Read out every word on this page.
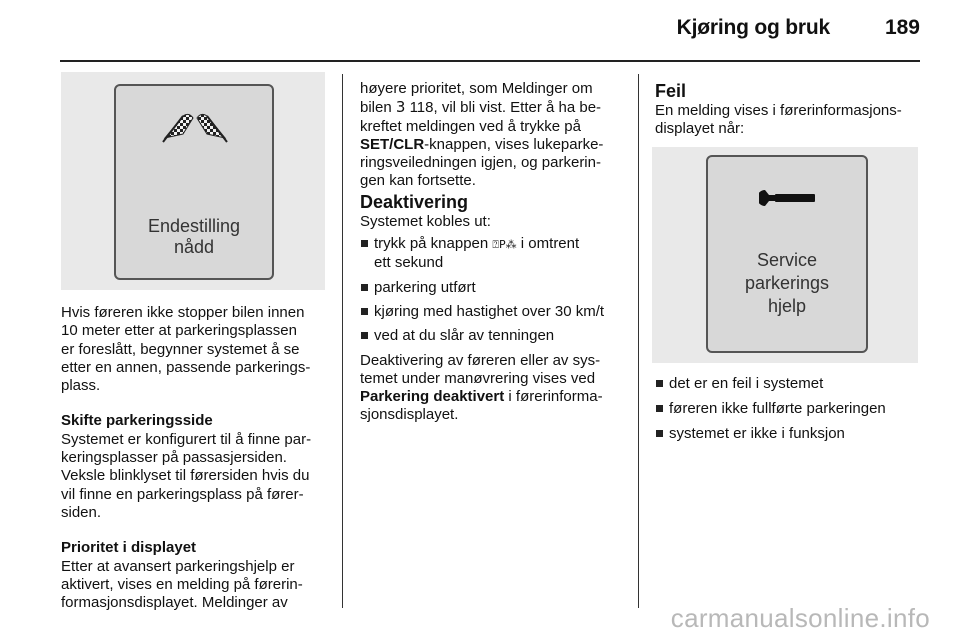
Kjøring og bruk	189
Endestilling
nådd

Hvis føreren ikke stopper bilen innen
10 meter etter at parkeringsplassen
er foreslått, begynner systemet å se
etter en annen, passende parkerings-
plass.

Skifte parkeringsside

Systemet er konfigurert til å finne par-
keringsplasser på passasjersiden.
Veksle blinklyset til førersiden hvis du
vil finne en parkeringsplass på fører-
siden.

Prioritet i displayet

Etter at avansert parkeringshjelp er
aktivert, vises en melding på førerin-
formasjonsdisplayet. Meldinger av

høyere prioritet, som Meldinger om
bilen 3 118, vil bli vist. Etter å ha be-
kreftet meldingen ved å trykke på
SET/CLR-knappen, vises lukeparke-
ringsveiledningen igjen, og parkerin-
gen kan fortsette.

Deaktivering

Systemet kobles ut:

trykk på knappen ⍰P⁂ i omtrent
ett sekund
parkering utført
kjøring med hastighet over 30 km/t
ved at du slår av tenningen

Deaktivering av føreren eller av sys-
temet under manøvrering vises ved
Parkering deaktivert i førerinforma-
sjonsdisplayet.

Feil

En melding vises i førerinformasjons-
displayet når:

Service
parkerings
hjelp
det er en feil i systemet
føreren ikke fullførte parkeringen
systemet er ikke i funksjon
carmanualsonline.info
